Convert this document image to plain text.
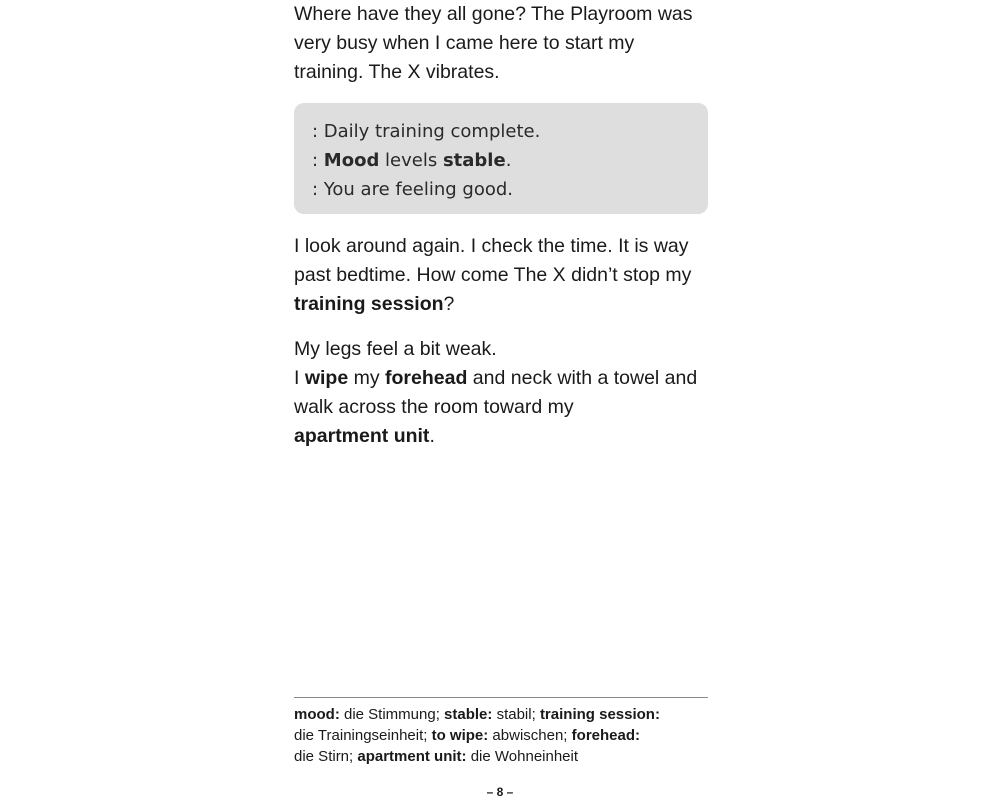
Where have they all gone? The Playroom was very busy when I came here to start my training. The X vibrates.

: Daily training complete.
: Mood levels stable.
: You are feeling good.

I look around again. I check the time. It is way past bedtime. How come The X didn’t stop my training session?

My legs feel a bit weak.
I wipe my forehead and neck with a towel and walk across the room toward my
apartment unit.

mood: die Stimmung; stable: stabil; training session:
die Trainingseinheit; to wipe: abwischen; forehead:
die Stirn; apartment unit: die Wohneinheit
– 8 –
